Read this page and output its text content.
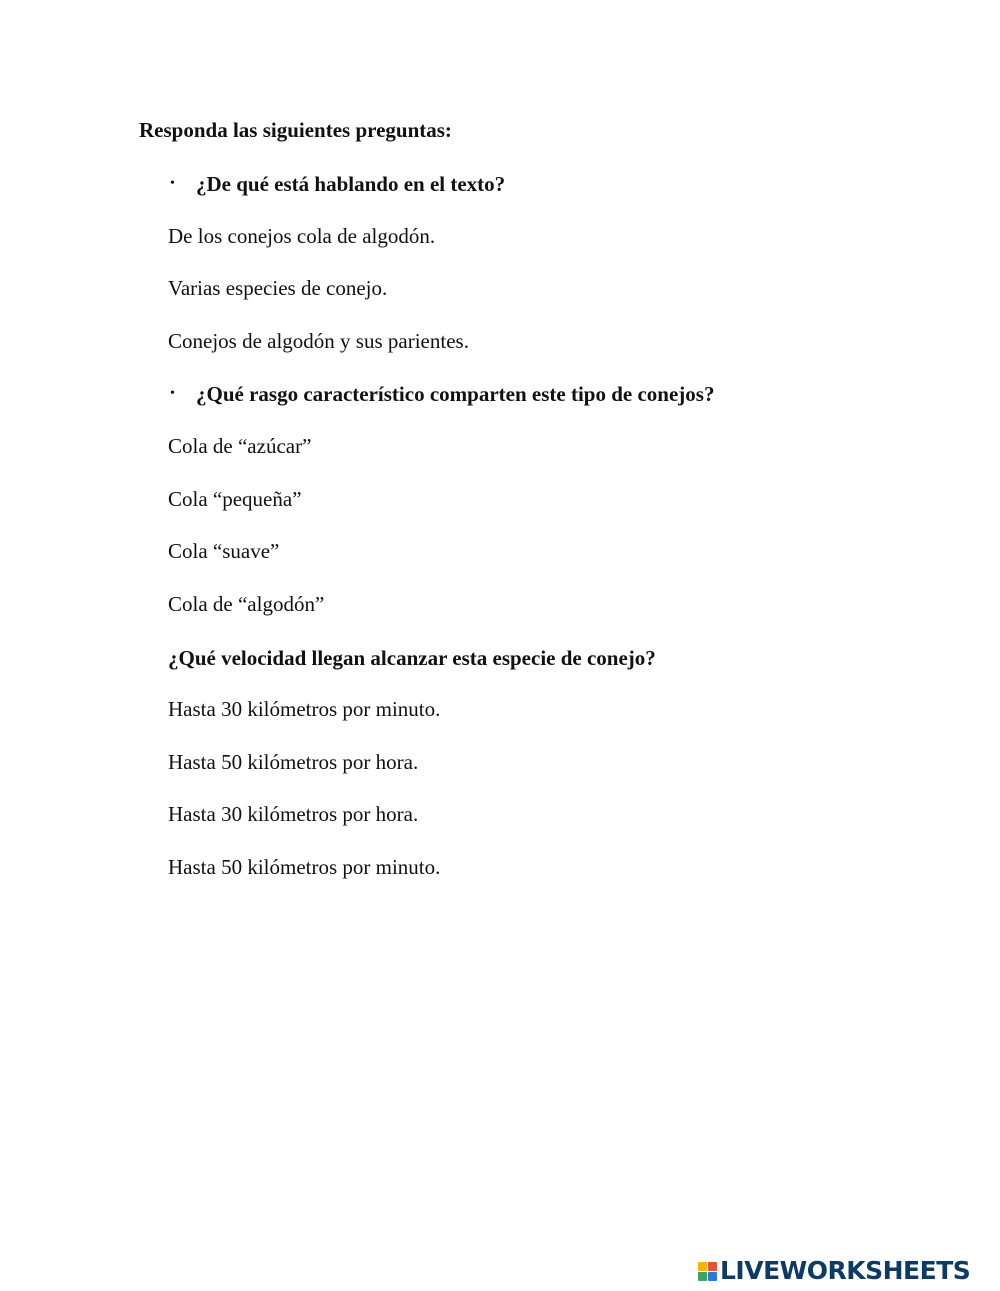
Responda las siguientes preguntas:
• ¿De qué está hablando en el texto?
De los conejos cola de algodón.
Varias especies de conejo.
Conejos de algodón y sus parientes.
• ¿Qué rasgo característico comparten este tipo de conejos?
Cola de “azúcar”
Cola “pequeña”
Cola “suave”
Cola de “algodón”
¿Qué velocidad llegan alcanzar esta especie de conejo?
Hasta 30 kilómetros por minuto.
Hasta 50 kilómetros por hora.
Hasta 30 kilómetros por hora.
Hasta 50 kilómetros por minuto.
LIVEWORKSHEETS
